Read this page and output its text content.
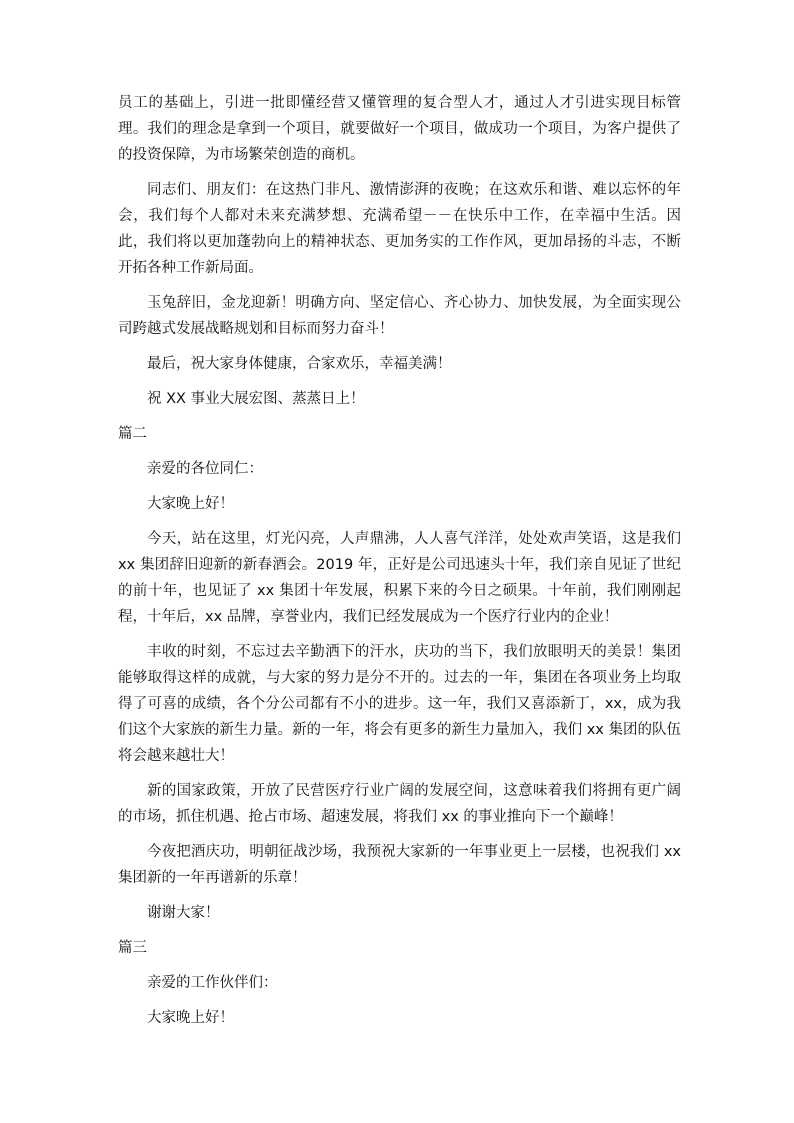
员工的基础上，引进一批即懂经营又懂管理的复合型人才，通过人才引进实现目标管理。我们的理念是拿到一个项目，就要做好一个项目，做成功一个项目，为客户提供了的投资保障，为市场繁荣创造的商机。

同志们、朋友们：在这热门非凡、激情澎湃的夜晚；在这欢乐和谐、难以忘怀的年会，我们每个人都对未来充满梦想、充满希望－－在快乐中工作，在幸福中生活。因此，我们将以更加蓬勃向上的精神状态、更加务实的工作作风，更加昂扬的斗志，不断开拓各种工作新局面。

玉兔辞旧，金龙迎新！明确方向、坚定信心、齐心协力、加快发展，为全面实现公司跨越式发展战略规划和目标而努力奋斗！

最后，祝大家身体健康，合家欢乐，幸福美满！

祝 XX 事业大展宏图、蒸蒸日上！

篇二

亲爱的各位同仁：

大家晚上好！

今天，站在这里，灯光闪亮，人声鼎沸，人人喜气洋洋，处处欢声笑语，这是我们 xx 集团辞旧迎新的新春酒会。2019 年，正好是公司迅速头十年，我们亲自见证了世纪的前十年，也见证了 xx 集团十年发展，积累下来的今日之硕果。十年前，我们刚刚起程，十年后，xx 品牌，享誉业内，我们已经发展成为一个医疗行业内的企业！

丰收的时刻，不忘过去辛勤洒下的汗水，庆功的当下，我们放眼明天的美景！集团能够取得这样的成就，与大家的努力是分不开的。过去的一年，集团在各项业务上均取得了可喜的成绩，各个分公司都有不小的进步。这一年，我们又喜添新丁，xx，成为我们这个大家族的新生力量。新的一年，将会有更多的新生力量加入，我们 xx 集团的队伍将会越来越壮大！

新的国家政策，开放了民营医疗行业广阔的发展空间，这意味着我们将拥有更广阔的市场，抓住机遇、抢占市场、超速发展，将我们 xx 的事业推向下一个巅峰！

今夜把酒庆功，明朝征战沙场，我预祝大家新的一年事业更上一层楼，也祝我们 xx 集团新的一年再谱新的乐章！

谢谢大家！

篇三

亲爱的工作伙伴们：

大家晚上好！
